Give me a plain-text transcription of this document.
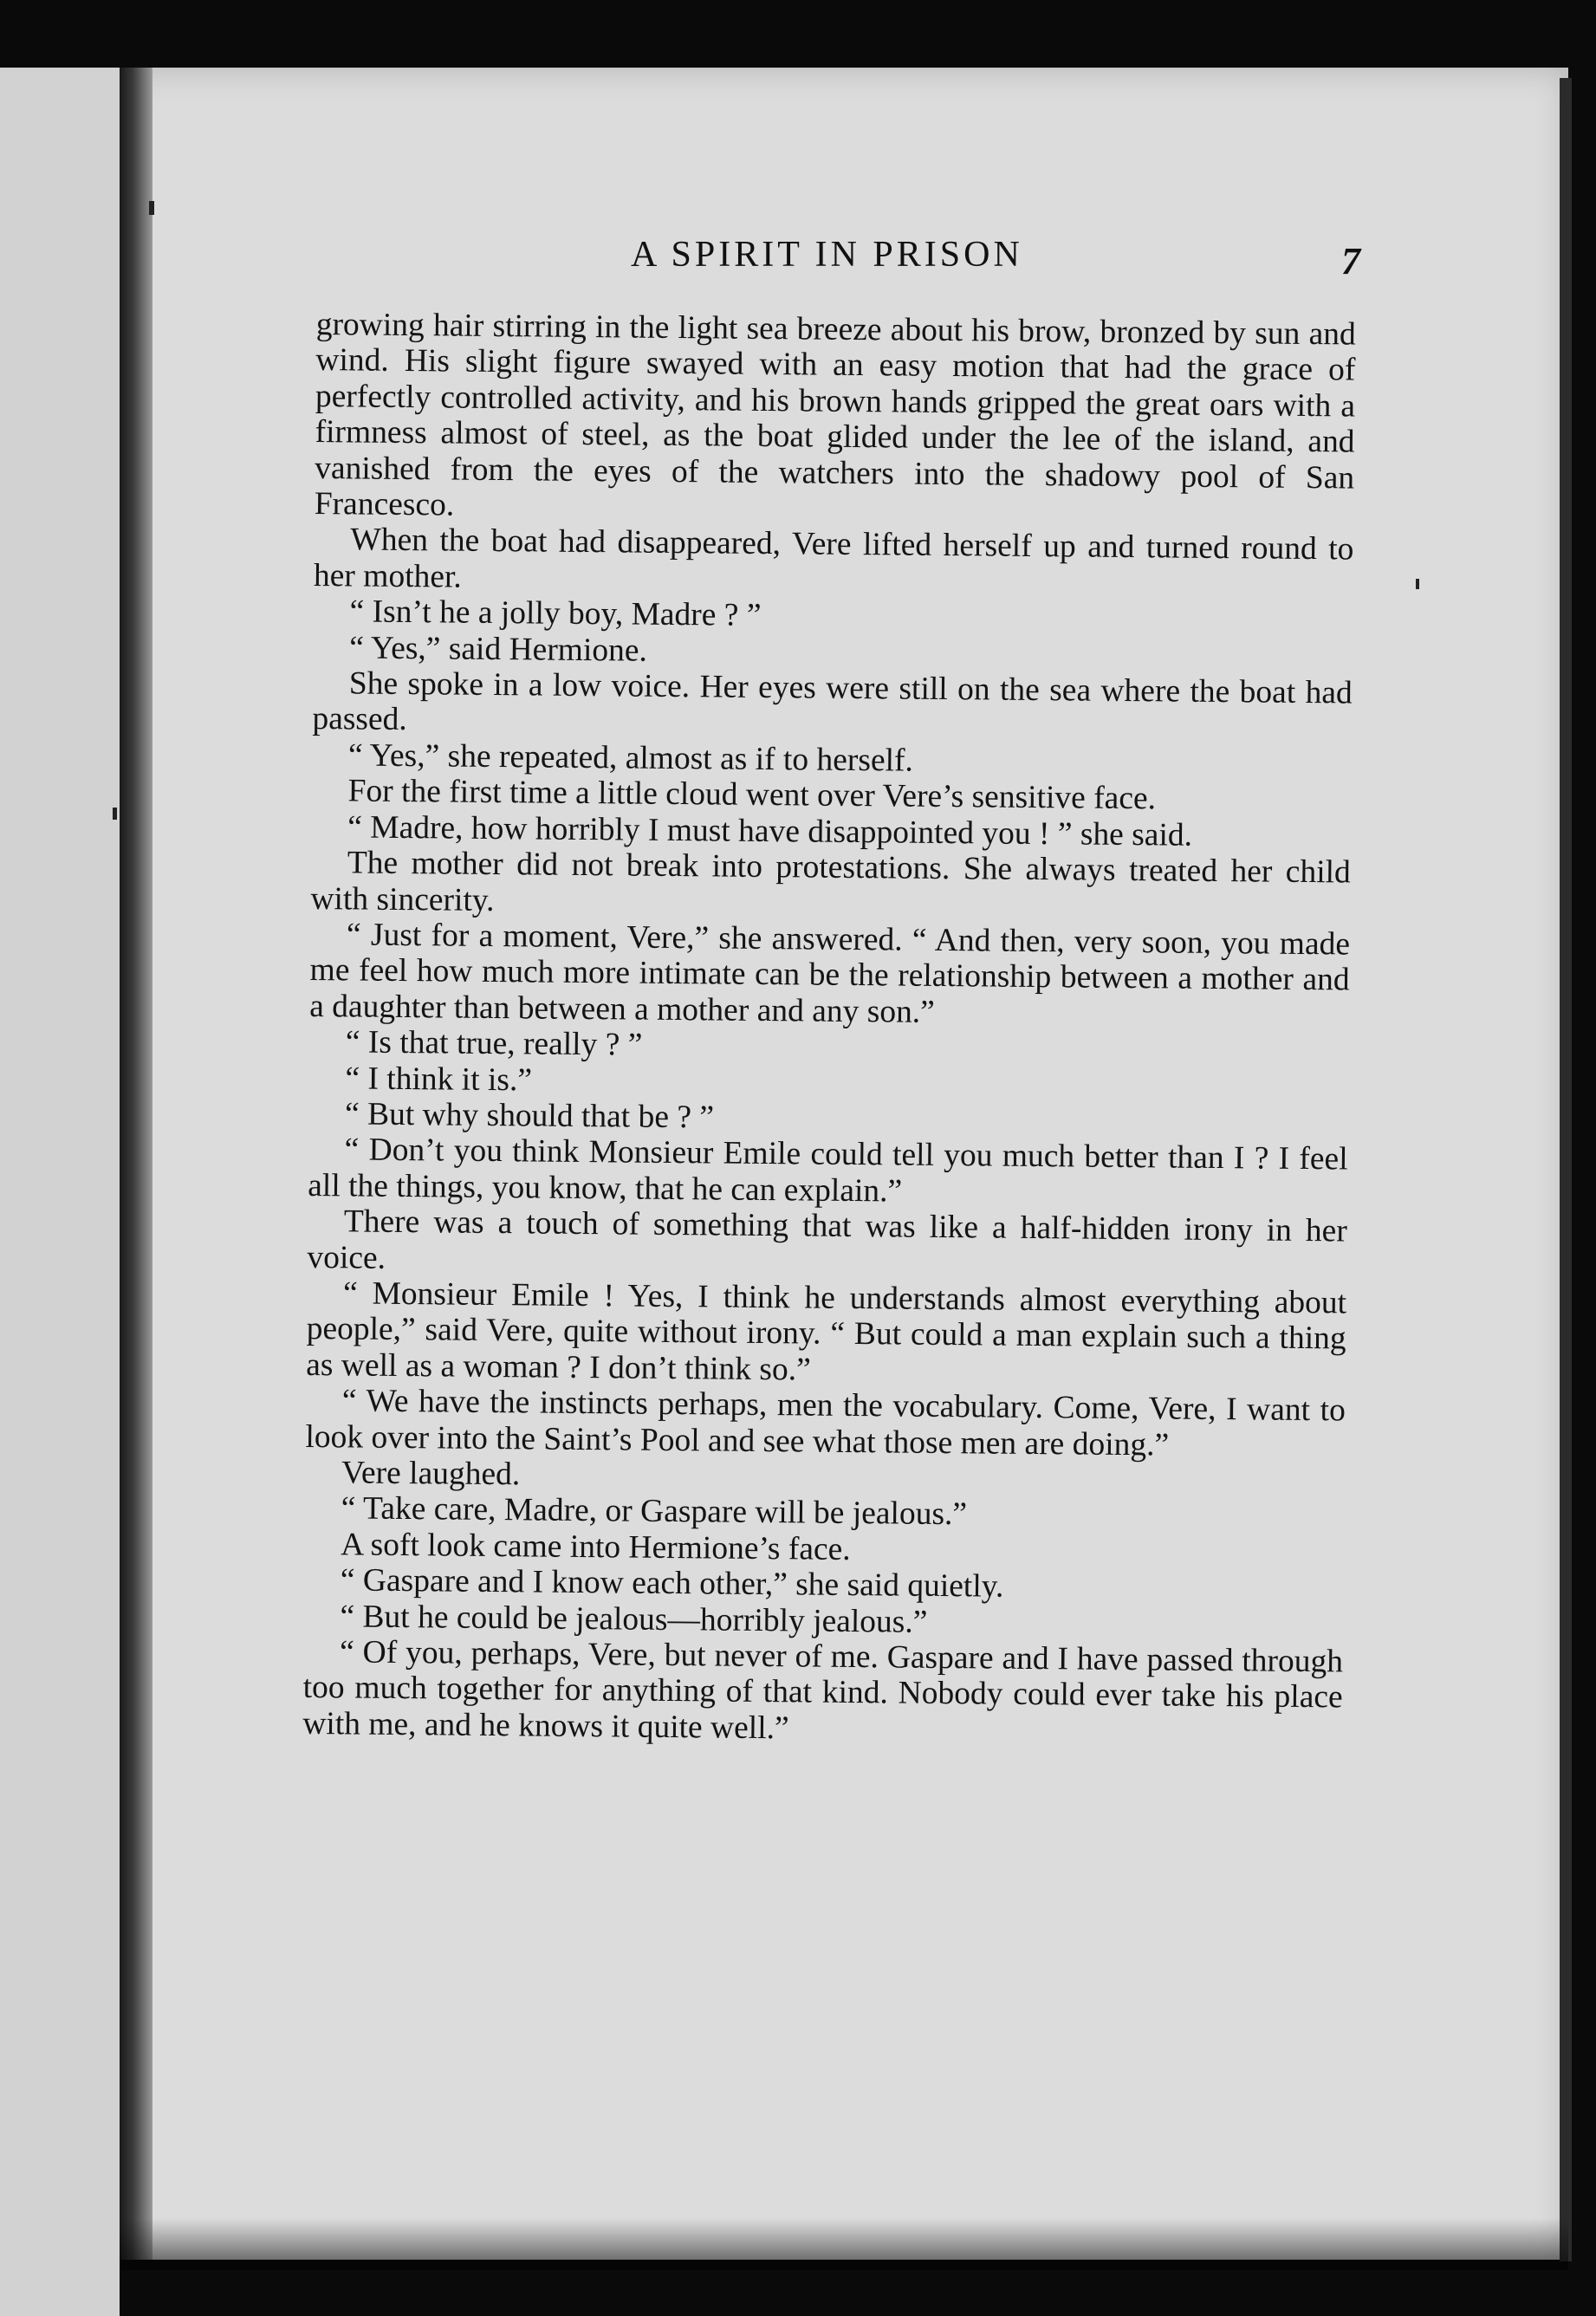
A SPIRIT IN PRISON	7

growing hair stirring in the light sea breeze about his brow, bronzed by sun and wind. His slight figure swayed with an easy motion that had the grace of perfectly controlled activity, and his brown hands gripped the great oars with a firmness almost of steel, as the boat glided under the lee of the island, and vanished from the eyes of the watchers into the shadowy pool of San Francesco.

When the boat had disappeared, Vere lifted herself up and turned round to her mother.

“ Isn’t he a jolly boy, Madre ? ”

“ Yes,” said Hermione.

She spoke in a low voice. Her eyes were still on the sea where the boat had passed.

“ Yes,” she repeated, almost as if to herself.

For the first time a little cloud went over Vere’s sensitive face.

“ Madre, how horribly I must have disappointed you ! ” she said.

The mother did not break into protestations. She always treated her child with sincerity.

“ Just for a moment, Vere,” she answered. “ And then, very soon, you made me feel how much more intimate can be the relationship between a mother and a daughter than between a mother and any son.”

“ Is that true, really ? ”

“ I think it is.”

“ But why should that be ? ”

“ Don’t you think Monsieur Emile could tell you much better than I ? I feel all the things, you know, that he can explain.”

There was a touch of something that was like a half-hidden irony in her voice.

“ Monsieur Emile ! Yes, I think he understands almost everything about people,” said Vere, quite without irony. “ But could a man explain such a thing as well as a woman ? I don’t think so.”

“ We have the instincts perhaps, men the vocabulary. Come, Vere, I want to look over into the Saint’s Pool and see what those men are doing.”

Vere laughed.

“ Take care, Madre, or Gaspare will be jealous.”

A soft look came into Hermione’s face.

“ Gaspare and I know each other,” she said quietly.

“ But he could be jealous—horribly jealous.”

“ Of you, perhaps, Vere, but never of me. Gaspare and I have passed through too much together for anything of that kind. Nobody could ever take his place with me, and he knows it quite well.”
